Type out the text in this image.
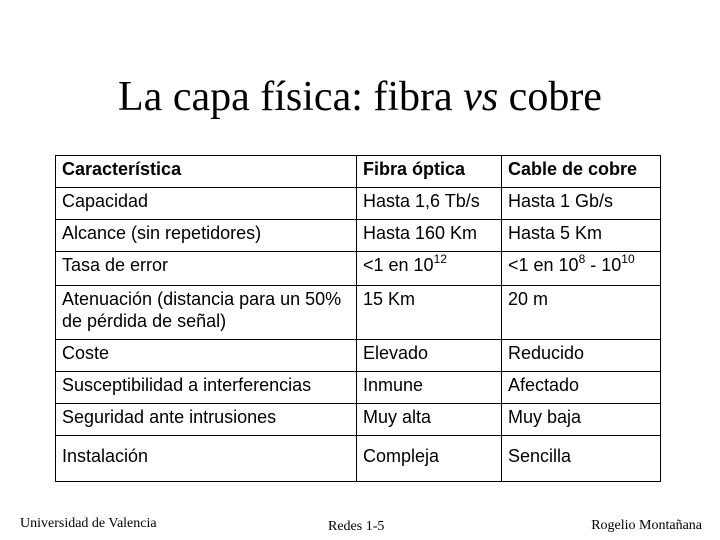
La capa física: fibra vs cobre
Característica	Fibra óptica	Cable de cobre
Capacidad	Hasta 1,6 Tb/s	Hasta 1 Gb/s
Alcance (sin repetidores)	Hasta 160 Km	Hasta 5 Km
Tasa de error	<1 en $10^{12}$	<1 en $10^8 - 10^{10}$
Atenuación (distancia para un 50% de pérdida de señal)	15 Km	20 m
Coste	Elevado	Reducido
Susceptibilidad a interferencias	Inmune	Afectado
Seguridad ante intrusiones	Muy alta	Muy baja
Instalación	Compleja	Sencilla
Universidad de Valencia	Redes 1-5	Rogelio Montañana
